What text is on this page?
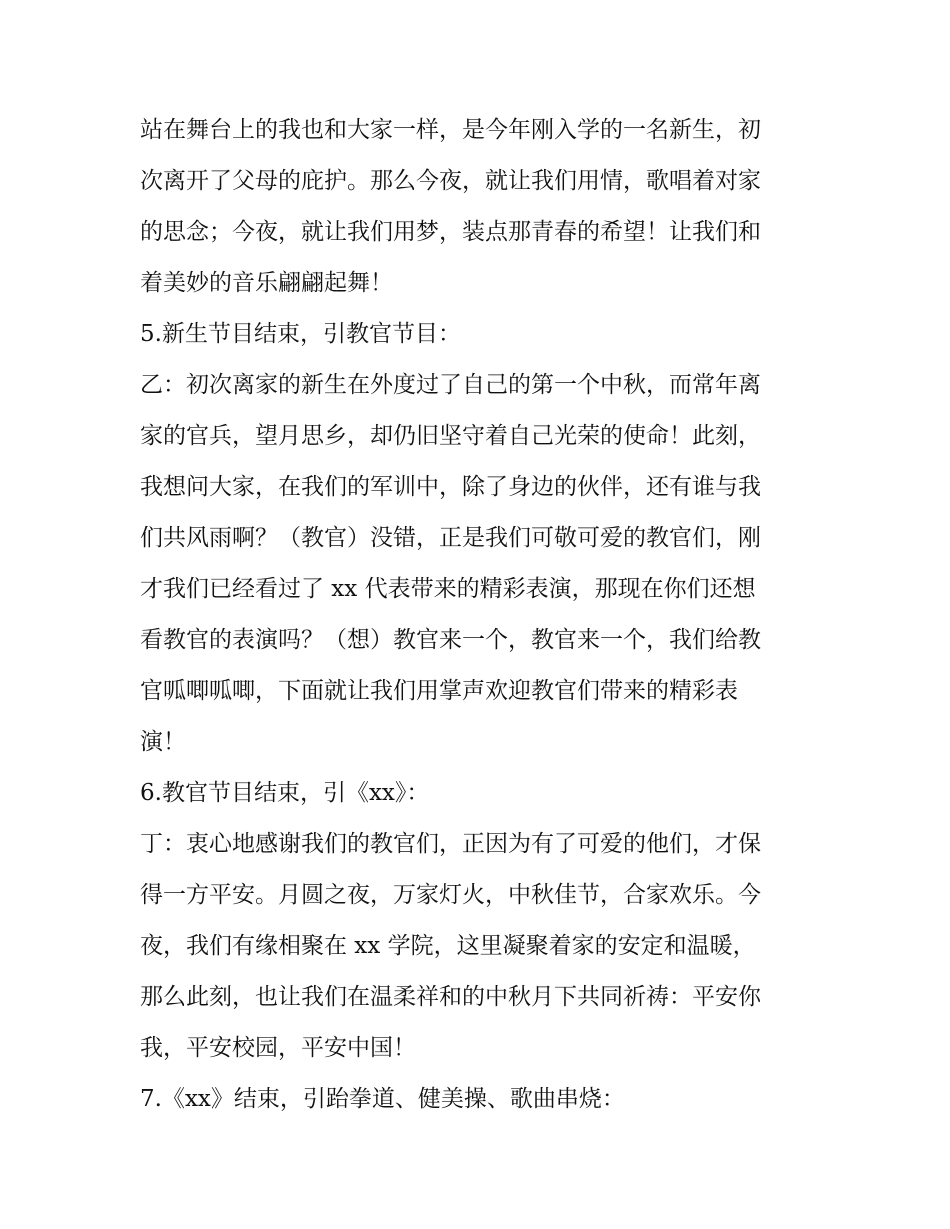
站在舞台上的我也和大家一样，是今年刚入学的一名新生，初
次离开了父母的庇护。那么今夜，就让我们用情，歌唱着对家
的思念；今夜，就让我们用梦，装点那青春的希望！让我们和
着美妙的音乐翩翩起舞！
5.新生节目结束，引教官节目：
乙：初次离家的新生在外度过了自己的第一个中秋，而常年离
家的官兵，望月思乡，却仍旧坚守着自己光荣的使命！此刻，
我想问大家，在我们的军训中，除了身边的伙伴，还有谁与我
们共风雨啊？（教官）没错，正是我们可敬可爱的教官们，刚
才我们已经看过了 xx 代表带来的精彩表演，那现在你们还想
看教官的表演吗？（想）教官来一个，教官来一个，我们给教
官呱唧呱唧，下面就让我们用掌声欢迎教官们带来的精彩表
演！
6.教官节目结束，引《xx》：
丁：衷心地感谢我们的教官们，正因为有了可爱的他们，才保
得一方平安。月圆之夜，万家灯火，中秋佳节，合家欢乐。今
夜，我们有缘相聚在 xx 学院，这里凝聚着家的安定和温暖，
那么此刻，也让我们在温柔祥和的中秋月下共同祈祷：平安你
我，平安校园，平安中国！
7.《xx》结束，引跆拳道、健美操、歌曲串烧：
